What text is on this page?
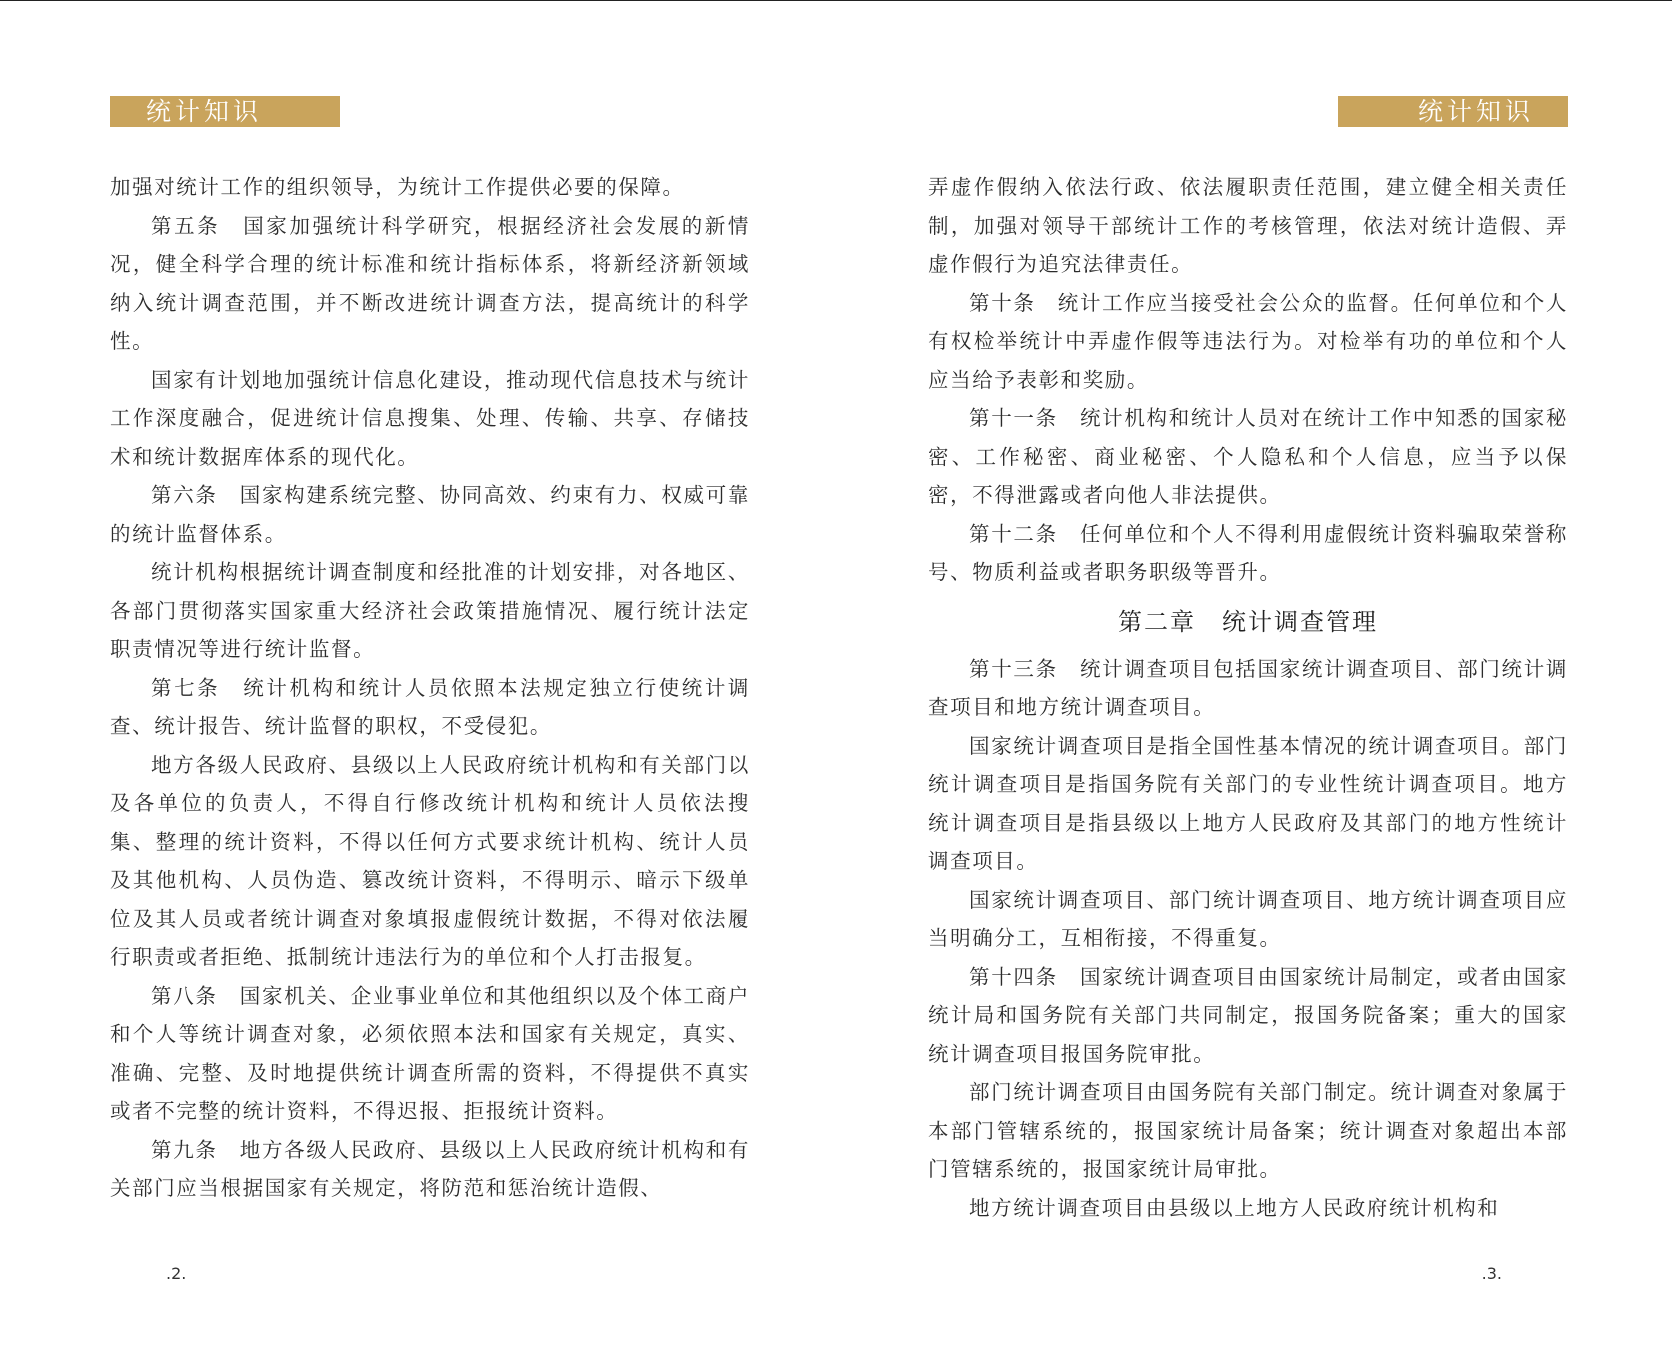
统计知识

加强对统计工作的组织领导，为统计工作提供必要的保障。

第五条　国家加强统计科学研究，根据经济社会发展的新情况，健全科学合理的统计标准和统计指标体系，将新经济新领域纳入统计调查范围，并不断改进统计调查方法，提高统计的科学性。

国家有计划地加强统计信息化建设，推动现代信息技术与统计工作深度融合，促进统计信息搜集、处理、传输、共享、存储技术和统计数据库体系的现代化。

第六条　国家构建系统完整、协同高效、约束有力、权威可靠的统计监督体系。

统计机构根据统计调查制度和经批准的计划安排，对各地区、各部门贯彻落实国家重大经济社会政策措施情况、履行统计法定职责情况等进行统计监督。

第七条　统计机构和统计人员依照本法规定独立行使统计调查、统计报告、统计监督的职权，不受侵犯。

地方各级人民政府、县级以上人民政府统计机构和有关部门以及各单位的负责人，不得自行修改统计机构和统计人员依法搜集、整理的统计资料，不得以任何方式要求统计机构、统计人员及其他机构、人员伪造、篡改统计资料，不得明示、暗示下级单位及其人员或者统计调查对象填报虚假统计数据，不得对依法履行职责或者拒绝、抵制统计违法行为的单位和个人打击报复。

第八条　国家机关、企业事业单位和其他组织以及个体工商户和个人等统计调查对象，必须依照本法和国家有关规定，真实、准确、完整、及时地提供统计调查所需的资料，不得提供不真实或者不完整的统计资料，不得迟报、拒报统计资料。

第九条　地方各级人民政府、县级以上人民政府统计机构和有关部门应当根据国家有关规定，将防范和惩治统计造假、

.2.
统计知识

弄虚作假纳入依法行政、依法履职责任范围，建立健全相关责任制，加强对领导干部统计工作的考核管理，依法对统计造假、弄虚作假行为追究法律责任。

第十条　统计工作应当接受社会公众的监督。任何单位和个人有权检举统计中弄虚作假等违法行为。对检举有功的单位和个人应当给予表彰和奖励。

第十一条　统计机构和统计人员对在统计工作中知悉的国家秘密、工作秘密、商业秘密、个人隐私和个人信息，应当予以保密，不得泄露或者向他人非法提供。

第十二条　任何单位和个人不得利用虚假统计资料骗取荣誉称号、物质利益或者职务职级等晋升。

第二章　统计调查管理

第十三条　统计调查项目包括国家统计调查项目、部门统计调查项目和地方统计调查项目。

国家统计调查项目是指全国性基本情况的统计调查项目。部门统计调查项目是指国务院有关部门的专业性统计调查项目。地方统计调查项目是指县级以上地方人民政府及其部门的地方性统计调查项目。

国家统计调查项目、部门统计调查项目、地方统计调查项目应当明确分工，互相衔接，不得重复。

第十四条　国家统计调查项目由国家统计局制定，或者由国家统计局和国务院有关部门共同制定，报国务院备案；重大的国家统计调查项目报国务院审批。

部门统计调查项目由国务院有关部门制定。统计调查对象属于本部门管辖系统的，报国家统计局备案；统计调查对象超出本部门管辖系统的，报国家统计局审批。

地方统计调查项目由县级以上地方人民政府统计机构和

.3.
